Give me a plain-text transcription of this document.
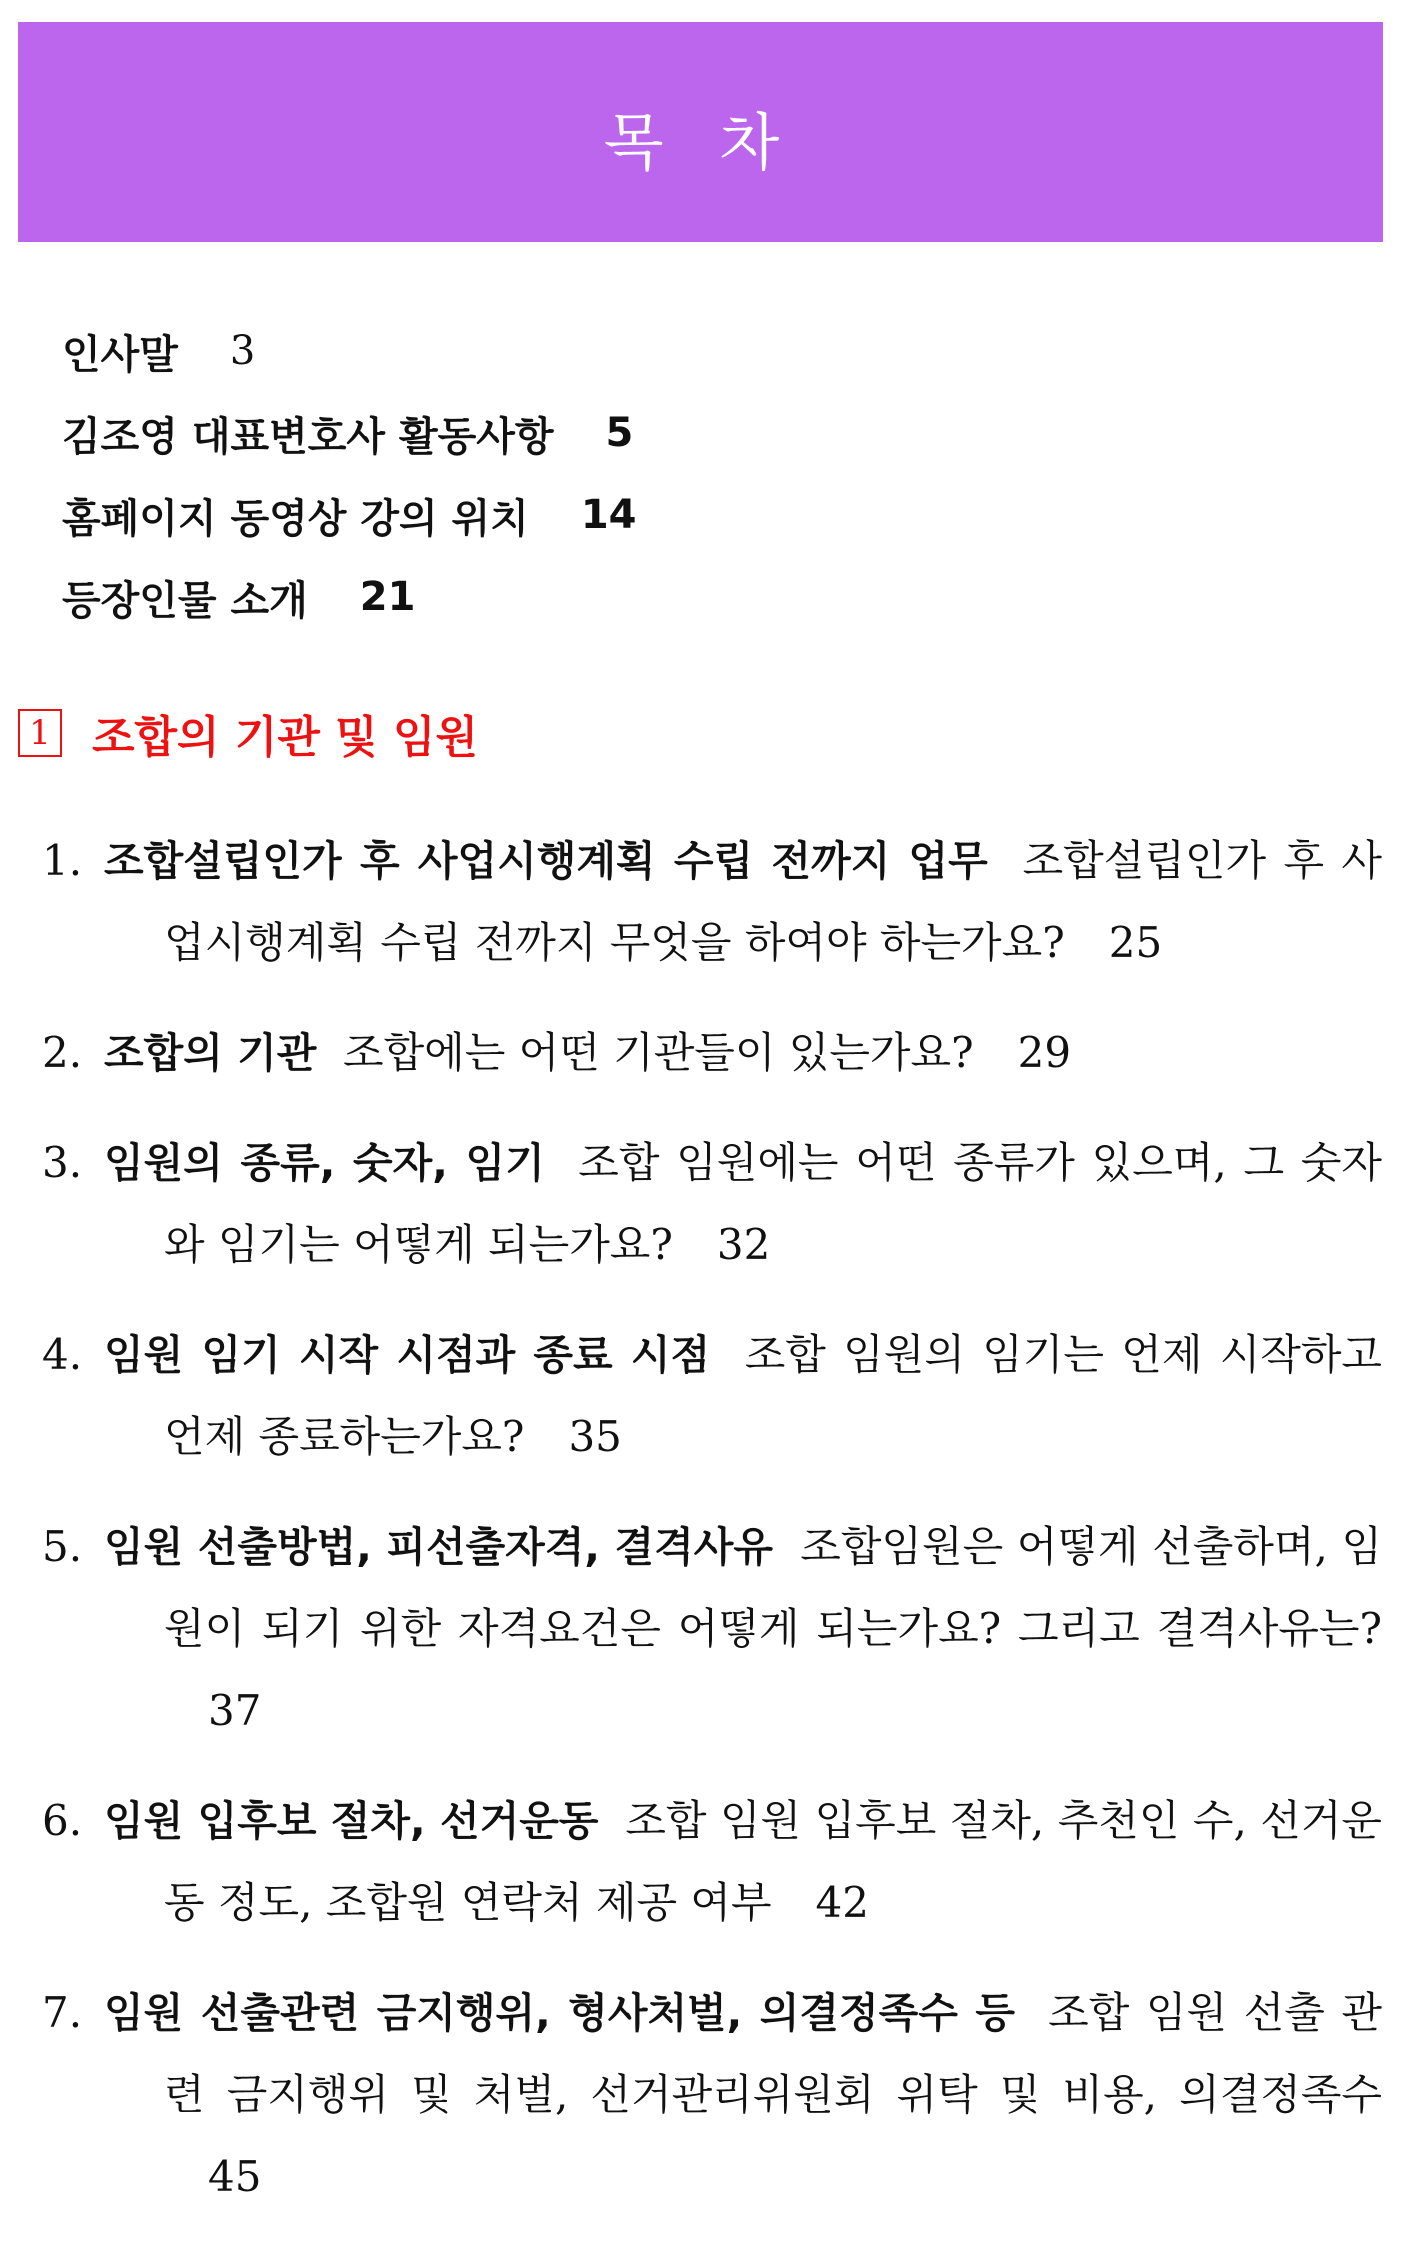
목 차
인사말 3
김조영 대표변호사 활동사항 5
홈페이지 동영상 강의 위치 14
등장인물 소개 21
1 조합의 기관 및 임원
1. 조합설립인가 후 사업시행계획 수립 전까지 업무 조합설립인가 후 사업시행계획 수립 전까지 무엇을 하여야 하는가요? 25
2. 조합의 기관 조합에는 어떤 기관들이 있는가요? 29
3. 임원의 종류, 숫자, 임기 조합 임원에는 어떤 종류가 있으며, 그 숫자와 임기는 어떻게 되는가요? 32
4. 임원 임기 시작 시점과 종료 시점 조합 임원의 임기는 언제 시작하고 언제 종료하는가요? 35
5. 임원 선출방법, 피선출자격, 결격사유 조합임원은 어떻게 선출하며, 임원이 되기 위한 자격요건은 어떻게 되는가요? 그리고 결격사유는?37
6. 임원 입후보 절차, 선거운동 조합 임원 입후보 절차, 추천인 수, 선거운동 정도, 조합원 연락처 제공 여부 42
7. 임원 선출관련 금지행위, 형사처벌, 의결정족수 등 조합 임원 선출 관련 금지행위 및 처벌, 선거관리위원회 위탁 및 비용, 의결정족수45
